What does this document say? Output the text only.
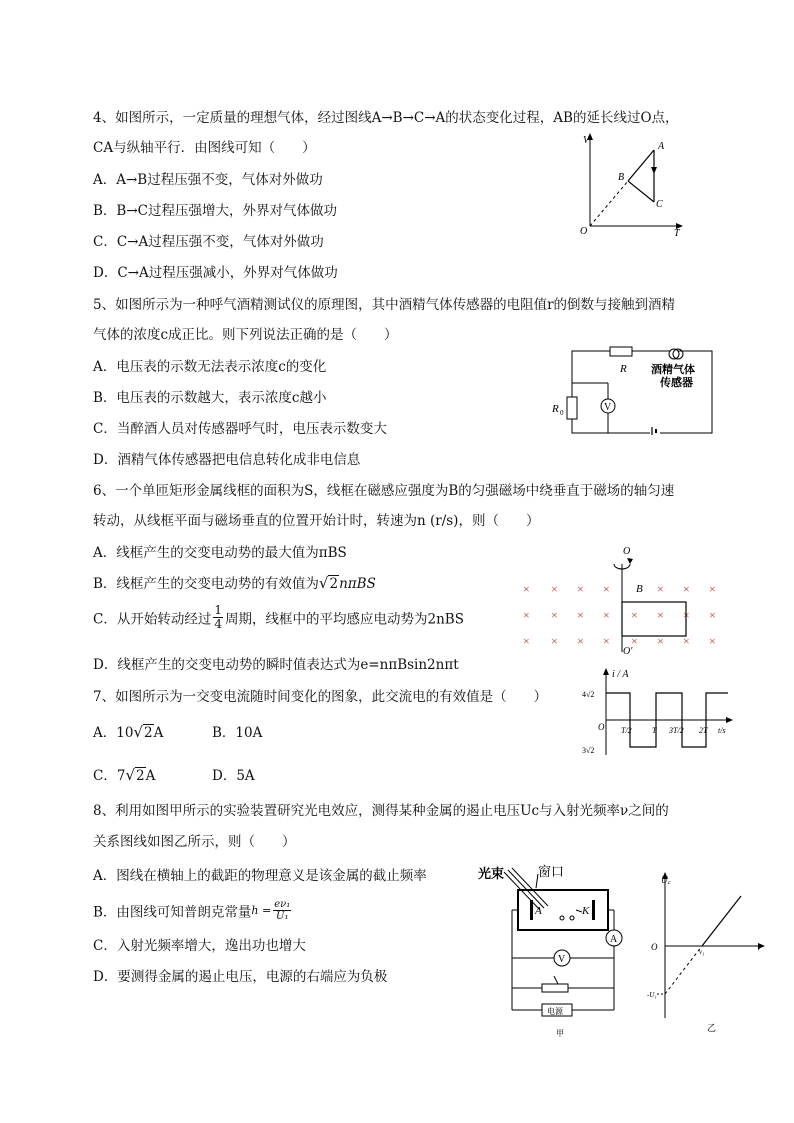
4、如图所示，一定质量的理想气体，经过图线A→B→C→A的状态变化过程，AB的延长线过O点，
CA与纵轴平行．由图线可知（　　）
A．A→B过程压强不变，气体对外做功
B．B→C过程压强增大，外界对气体做功
C．C→A过程压强不变，气体对外做功
D．C→A过程压强减小，外界对气体做功
V
T
O
A
B
C
5、如图所示为一种呼气酒精测试仪的原理图，其中酒精气体传感器的电阻值r的倒数与接触到酒精
气体的浓度c成正比。则下列说法正确的是（　　）
A．电压表的示数无法表示浓度c的变化
B．电压表的示数越大，表示浓度c越小
C．当醉酒人员对传感器呼气时，电压表示数变大
D．酒精气体传感器把电信息转化成非电信息
V
R
R 0
酒精气体
传感器
6、一个单匝矩形金属线框的面积为S，线框在磁感应强度为B的匀强磁场中绕垂直于磁场的轴匀速
转动，从线框平面与磁场垂直的位置开始计时，转速为n (r/s)，则（　　）
A．线框产生的交变电动势的最大值为πBS
B．线框产生的交变电动势的有效值为√2nπBS
C．从开始转动经过 $\frac{1}{4}$ 周期，线框中的平均感应电动势为2nBS
D．线框产生的交变电动势的瞬时值表达式为e=nπBsin2nπt
× × × ×	× × ×
× × × ×	× × ×
× × × ×	× × ×
×
×
O
O'
B
7、如图所示为一交变电流随时间变化的图象，此交流电的有效值是（　　）
A．10√2A	B．10A
C．7√2A	D．5A
i / A
4√2
3√2
O T/2	T 3T/2 2T t/s
8、利用如图甲所示的实验装置研究光电效应，测得某种金属的遏止电压Uc与入射光频率ν之间的
关系图线如图乙所示，则（　　）
A．图线在横轴上的截距的物理意义是该金属的截止频率
B．由图线可知普朗克常量$h = \frac{\text{eν₁}}{\text{U₁}}$
C．入射光频率增大，逸出功也增大
D．要测得金属的遏止电压，电源的右端应为负极
光束	窗口
A	K
A
V
电源
甲
U꜀
O	ν₁	ν
-U₁
乙
